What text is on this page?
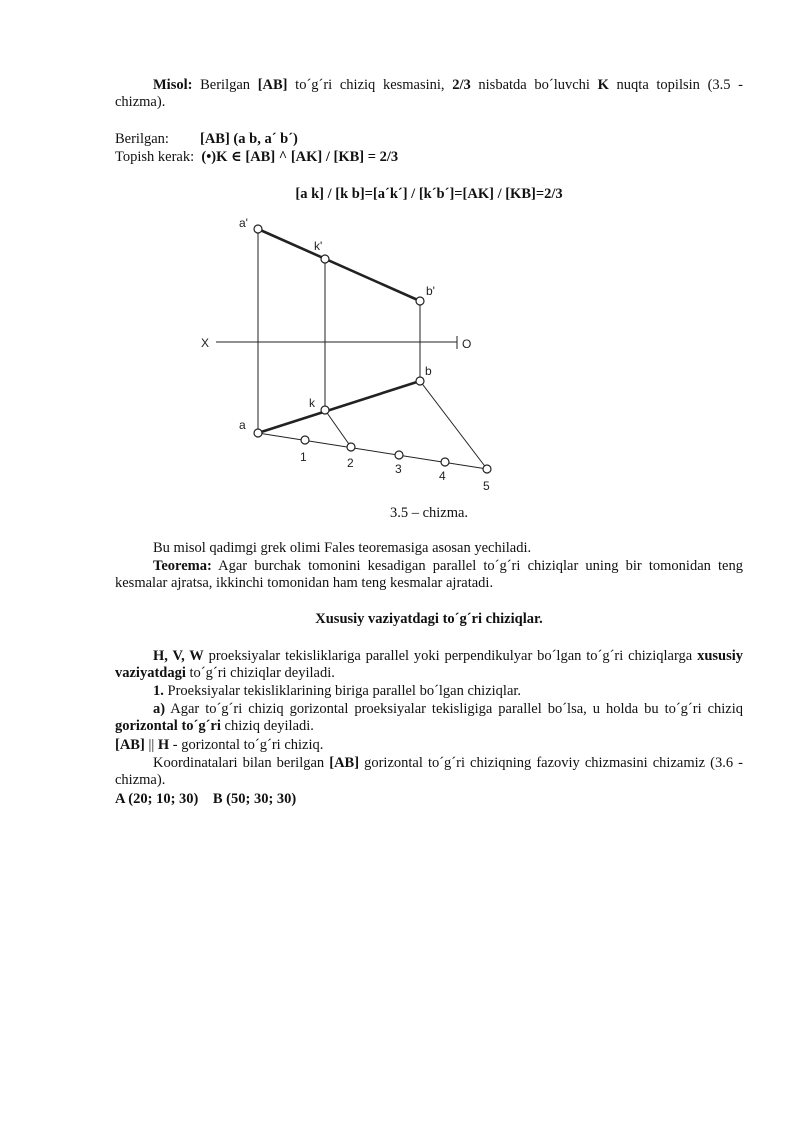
Misol: Berilgan [AB] to´g´ri chiziq kesmasini, 2/3 nisbatda bo´luvchi K nuqta topilsin (3.5 - chizma).

Berilgan: [AB] (a b, a´ b´)

Topish kerak: (•)K ∈ [AB] ^ [AK] / [KB] = 2/3

[a k] / [k b]=[a´k´] / [k´b´]=[AK] / [KB]=2/3

a'
k'
b'
X	O
b
k
a
1	2	3	4
5

3.5 – chizma.

Bu misol qadimgi grek olimi Fales teoremasiga asosan yechiladi.

Teorema: Agar burchak tomonini kesadigan parallel to´g´ri chiziqlar uning bir tomonidan teng kesmalar ajratsa, ikkinchi tomonidan ham teng kesmalar ajratadi.

Xususiy vaziyatdagi to´g´ri chiziqlar.

H, V, W proeksiyalar tekisliklariga parallel yoki perpendikulyar bo´lgan to´g´ri chiziqlarga xususiy vaziyatdagi to´g´ri chiziqlar deyiladi.

1. Proeksiyalar tekisliklarining biriga parallel bo´lgan chiziqlar.

a) Agar to´g´ri chiziq gorizontal proeksiyalar tekisligiga parallel bo´lsa, u holda bu to´g´ri chiziq gorizontal to´g´ri chiziq deyiladi.

[AB] || H - gorizontal to´g´ri chiziq.

Koordinatalari bilan berilgan [AB] gorizontal to´g´ri chiziqning fazoviy chizmasini chizamiz (3.6 - chizma).

A (20; 10; 30)    B (50; 30; 30)
